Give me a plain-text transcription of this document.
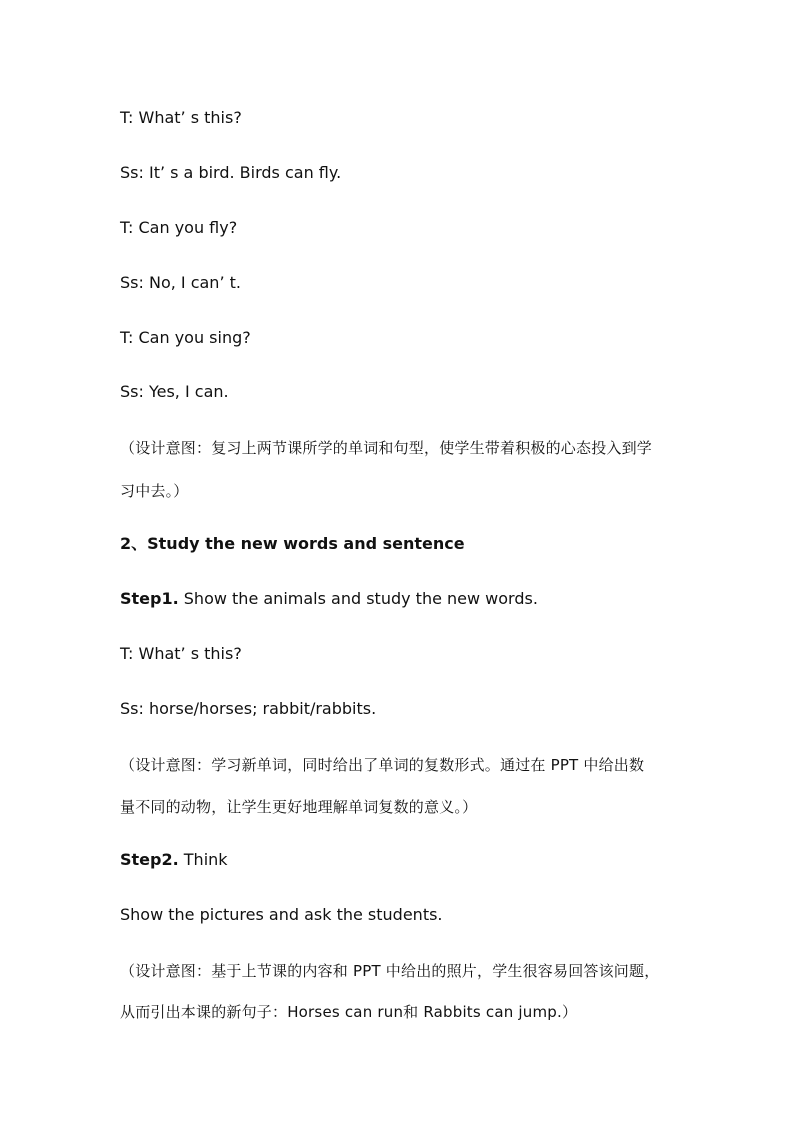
T: What’ s this?
Ss: It’ s a bird. Birds can fly.
T: Can you fly?
Ss: No, I can’ t.
T: Can you sing?
Ss: Yes, I can.
（设计意图：复习上两节课所学的单词和句型，使学生带着积极的心态投入到学
习中去。）
2、Study the new words and sentence
Step1. Show the animals and study the new words.
T: What’ s this?
Ss: horse/horses; rabbit/rabbits.
（设计意图：学习新单词，同时给出了单词的复数形式。通过在 PPT 中给出数
量不同的动物，让学生更好地理解单词复数的意义。）
Step2. Think
Show the pictures and ask the students.
（设计意图：基于上节课的内容和 PPT 中给出的照片，学生很容易回答该问题，
从而引出本课的新句子：Horses can run和 Rabbits can jump.）
